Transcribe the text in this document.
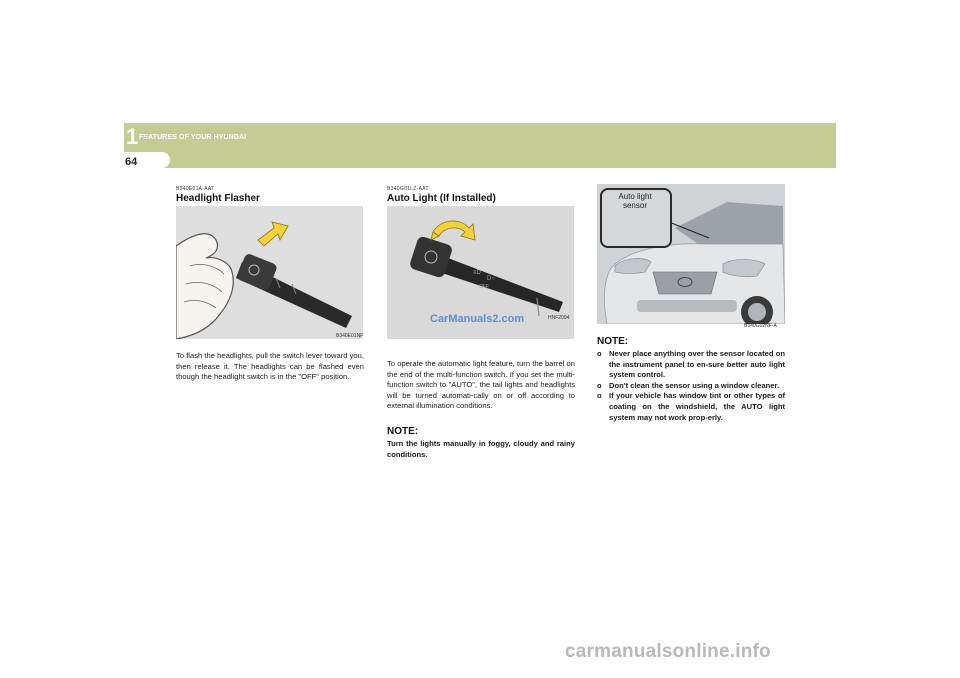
1 FEATURES OF YOUR HYUNDAI
64
B340E01A-AAT
Headlight Flasher
B340E01NF
To flash the headlights, pull the switch lever toward you, then release it. The headlights can be flashed even though the headlight switch is in the "OFF" position.
B340G01LZ-AAT
Auto Light (If Installed)
≡D
D○
OFF
HNF2094
CarManuals2.com
To operate the automatic light feature, turn the barrel on the end of the multi-function switch. If you set the multi-function switch to "AUTO", the tail lights and headlights will be turned automati-cally on or off according to external illumination conditions.
NOTE:
Turn the lights manually in foggy, cloudy and rainy conditions.
Auto light sensor
B340G02NF-A
NOTE:
o Never place anything over the sensor located on the instrument panel to en-sure better auto light system control.
o Don't clean the sensor using a window cleaner.
o If your vehicle has window tint or other types of coating on the windshield, the AUTO light system may not work prop-erly.
carmanualsonline.info
